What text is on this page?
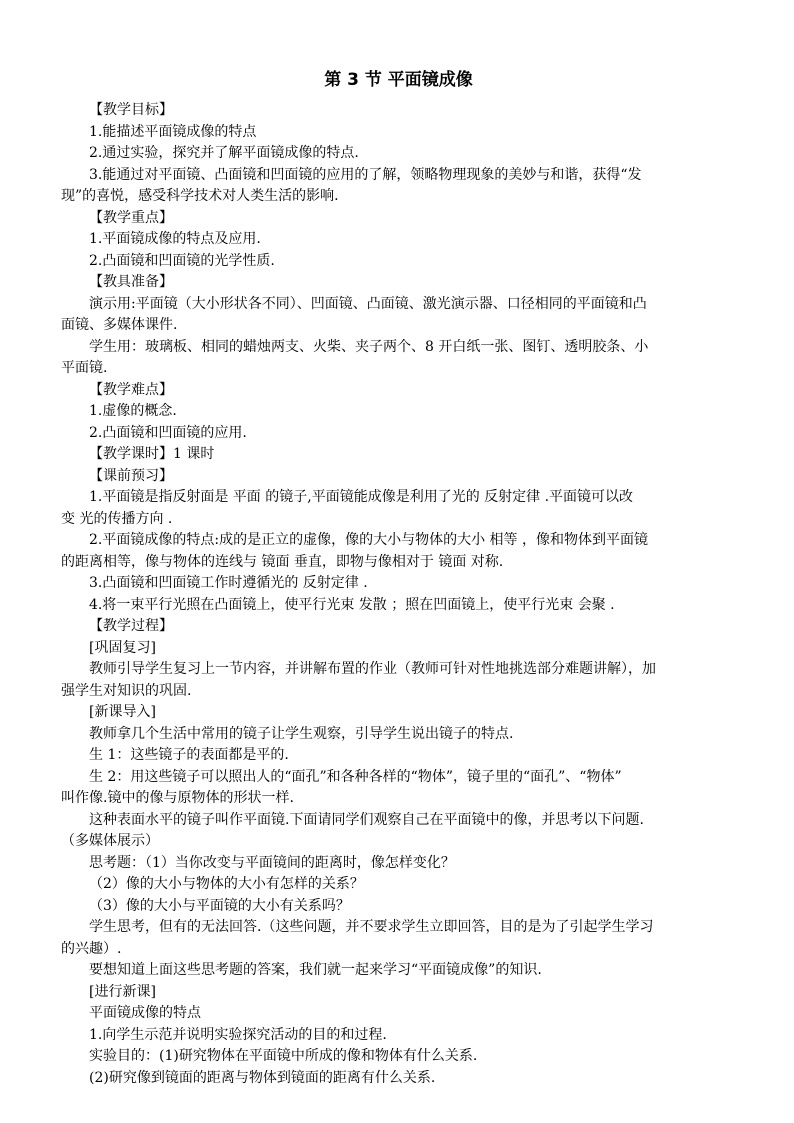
第 3 节 平面镜成像
【教学目标】
1.能描述平面镜成像的特点
2.通过实验，探究并了解平面镜成像的特点.
3.能通过对平面镜、凸面镜和凹面镜的应用的了解，领略物理现象的美妙与和谐，获得“发
现”的喜悦，感受科学技术对人类生活的影响.
【教学重点】
1.平面镜成像的特点及应用.
2.凸面镜和凹面镜的光学性质.
【教具准备】
演示用:平面镜（大小形状各不同）、凹面镜、凸面镜、激光演示器、口径相同的平面镜和凸
面镜、多媒体课件.
学生用：玻璃板、相同的蜡烛两支、火柴、夹子两个、8 开白纸一张、图钉、透明胶条、小
平面镜.
【教学难点】
1.虚像的概念.
2.凸面镜和凹面镜的应用.
【教学课时】1 课时
【课前预习】
1.平面镜是指反射面是 平面 的镜子,平面镜能成像是利用了光的 反射定律 .平面镜可以改
变 光的传播方向 .
2.平面镜成像的特点:成的是正立的虚像，像的大小与物体的大小 相等 ，像和物体到平面镜
的距离相等，像与物体的连线与 镜面 垂直，即物与像相对于 镜面 对称.
3.凸面镜和凹面镜工作时遵循光的 反射定律 .
4.将一束平行光照在凸面镜上，使平行光束 发散 ；照在凹面镜上，使平行光束 会聚 .
【教学过程】
[巩固复习]
教师引导学生复习上一节内容，并讲解布置的作业（教师可针对性地挑选部分难题讲解），加
强学生对知识的巩固.
[新课导入]
教师拿几个生活中常用的镜子让学生观察，引导学生说出镜子的特点.
生 1：这些镜子的表面都是平的.
生 2：用这些镜子可以照出人的“面孔”和各种各样的“物体”，镜子里的“面孔”、“物体”
叫作像.镜中的像与原物体的形状一样.
这种表面水平的镜子叫作平面镜.下面请同学们观察自己在平面镜中的像，并思考以下问题.
（多媒体展示）
思考题：（1）当你改变与平面镜间的距离时，像怎样变化？
（2）像的大小与物体的大小有怎样的关系？
（3）像的大小与平面镜的大小有关系吗？
学生思考，但有的无法回答.（这些问题，并不要求学生立即回答，目的是为了引起学生学习
的兴趣）.
要想知道上面这些思考题的答案，我们就一起来学习“平面镜成像”的知识.
[进行新课]
平面镜成像的特点
1.向学生示范并说明实验探究活动的目的和过程.
实验目的：(1)研究物体在平面镜中所成的像和物体有什么关系.
(2)研究像到镜面的距离与物体到镜面的距离有什么关系.
